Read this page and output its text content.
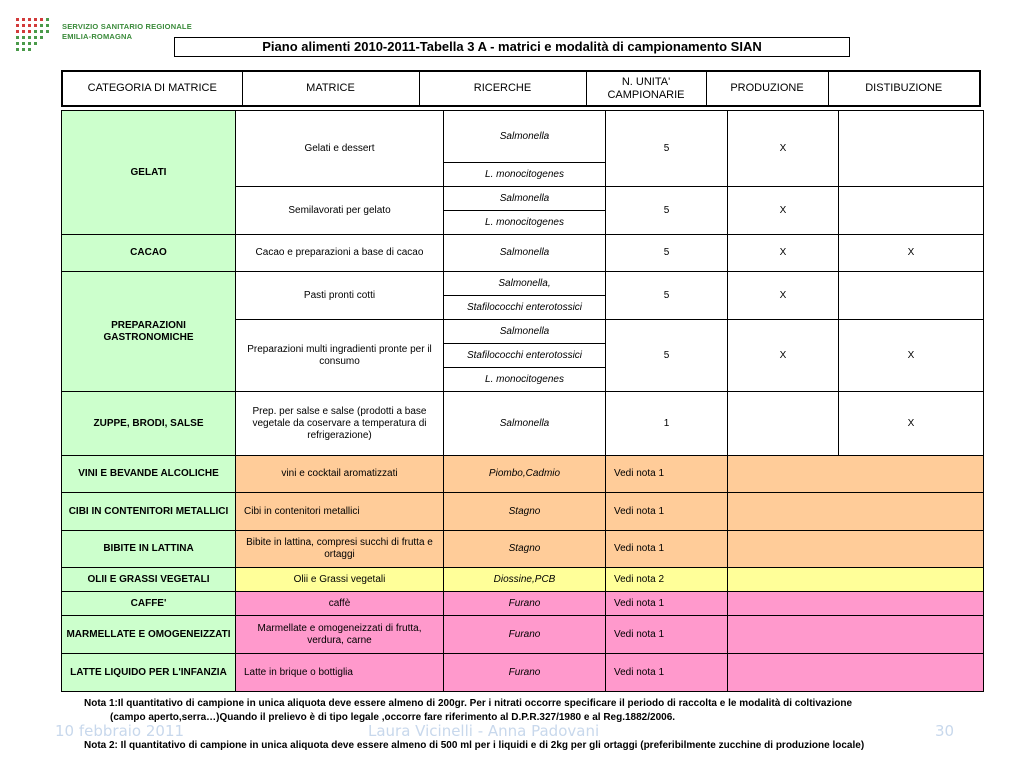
SERVIZIO SANITARIO REGIONALE
EMILIA-ROMAGNA
Piano alimenti 2010-2011-Tabella 3 A - matrici e modalità di campionamento SIAN
CATEGORIA DI MATRICE	MATRICE	RICERCHE	N. UNITA' CAMPIONARIE	PRODUZIONE	DISTIBUZIONE
GELATI	Gelati e dessert	Salmonella	5	X	
		L. monocitogenes			
	Semilavorati per gelato	Salmonella	5	X	
		L. monocitogenes			
CACAO	Cacao e preparazioni a base di cacao	Salmonella	5	X	X
PREPARAZIONI GASTRONOMICHE	Pasti pronti cotti	Salmonella,	5	X	
		Stafilococchi enterotossici			
	Preparazioni multi ingradienti pronte per il consumo	Salmonella	5	X	X
		Stafilococchi enterotossici			
		L. monocitogenes			
ZUPPE, BRODI, SALSE	Prep. per salse e salse (prodotti a base vegetale da coservare a temperatura di refrigerazione)	Salmonella	1		X
VINI E BEVANDE ALCOLICHE	vini e cocktail aromatizzati	Piombo,Cadmio	Vedi nota 1		
CIBI IN CONTENITORI METALLICI	Cibi in contenitori metallici	Stagno	Vedi nota 1		
BIBITE IN LATTINA	Bibite in lattina, compresi succhi di frutta e ortaggi	Stagno	Vedi nota 1		
OLII E GRASSI VEGETALI	Olii e Grassi vegetali	Diossine,PCB	Vedi nota 2		
CAFFE'	caffè	Furano	Vedi nota 1		
MARMELLATE E OMOGENEIZZATI	Marmellate e omogeneizzati di frutta, verdura, carne	Furano	Vedi nota 1		
LATTE LIQUIDO PER L'INFANZIA	Latte in brique o bottiglia	Furano	Vedi nota 1		
10 febbraio 2011	Laura Vicinelli - Anna Padovani	30
Nota 1:Il quantitativo di campione in unica aliquota deve essere almeno di 200gr. Per i nitrati occorre specificare il periodo di raccolta e le modalità di coltivazione
(campo aperto,serra…)Quando il prelievo è di tipo legale ,occorre fare riferimento al D.P.R.327/1980 e al Reg.1882/2006.
Nota 2: Il quantitativo di campione in unica aliquota deve essere almeno di 500 ml per i liquidi e di 2kg per gli ortaggi (preferibilmente zucchine di produzione locale)
